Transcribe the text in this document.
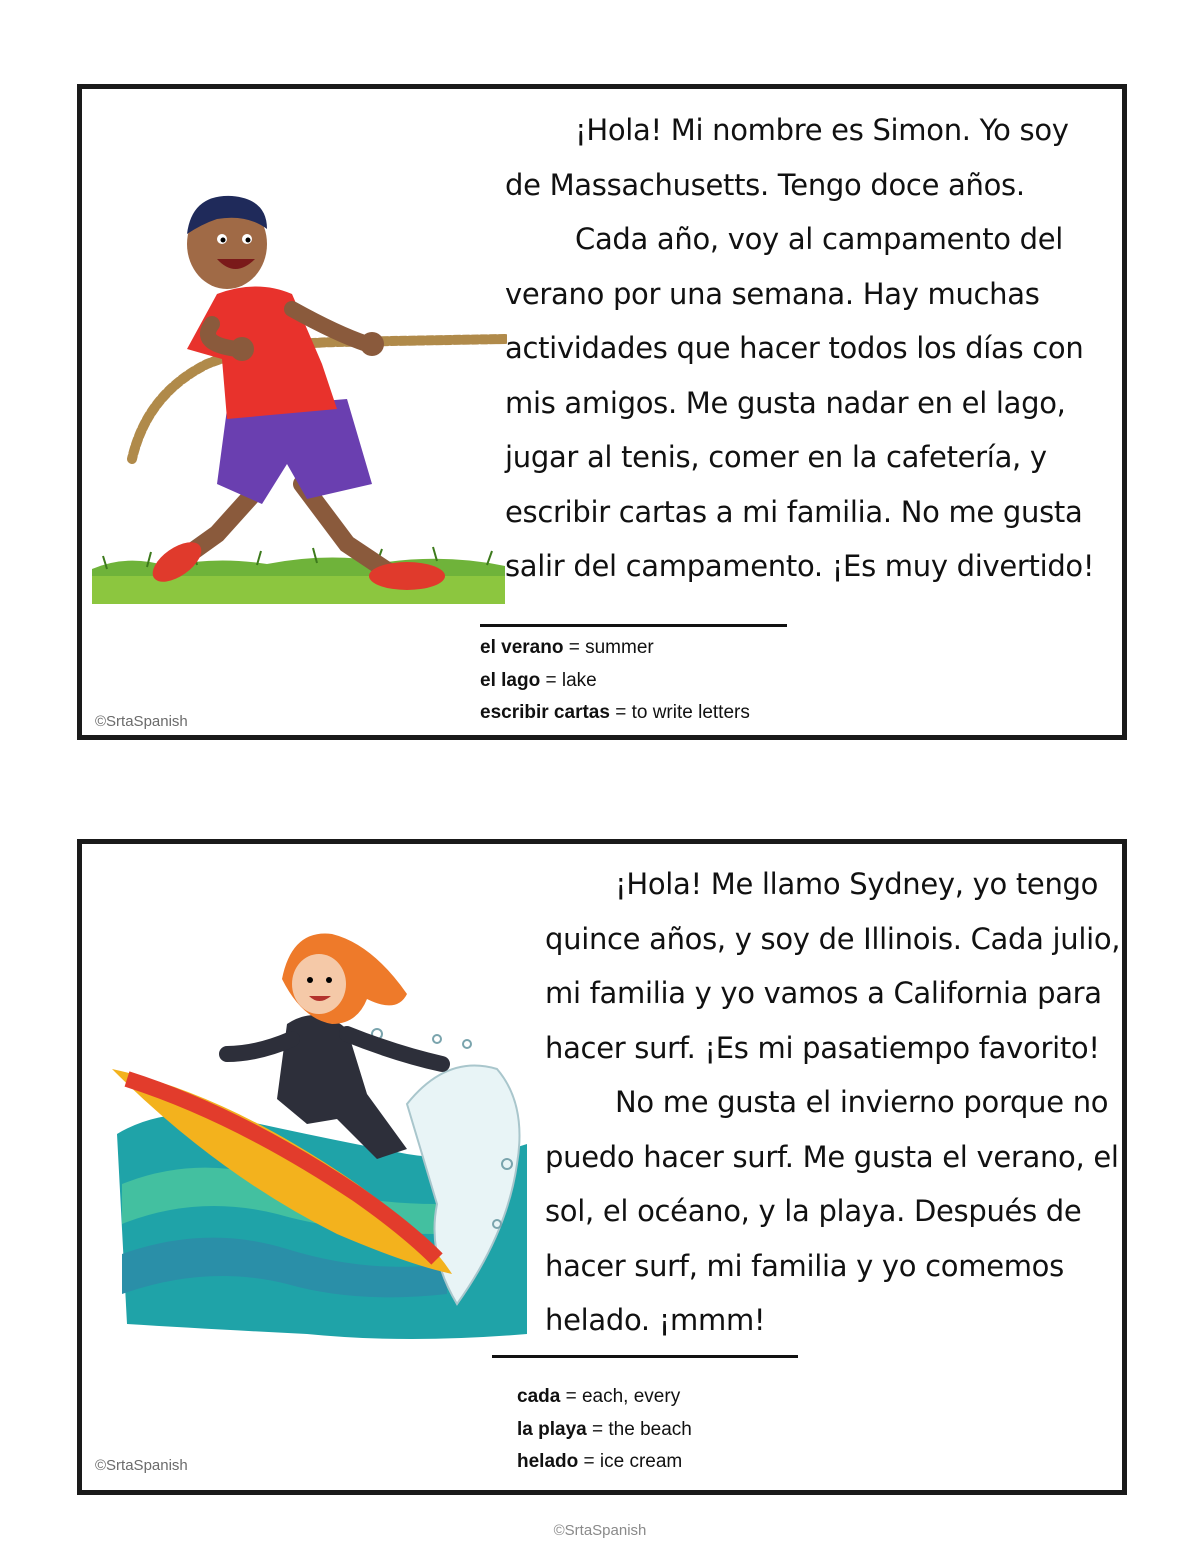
¡Hola! Mi nombre es Simon. Yo soy de Massachusetts. Tengo doce años.

Cada año, voy al campamento del verano por una semana. Hay muchas actividades que hacer todos los días con mis amigos. Me gusta nadar en el lago, jugar al tenis, comer en la cafetería, y escribir cartas a mi familia. No me gusta salir del campamento. ¡Es muy divertido!

el verano = summer
el lago = lake
escribir cartas = to write letters
©SrtaSpanish

¡Hola! Me llamo Sydney, yo tengo quince años, y soy de Illinois. Cada julio, mi familia y yo vamos a California para hacer surf. ¡Es mi pasatiempo favorito!

No me gusta el invierno porque no puedo hacer surf. Me gusta el verano, el sol, el océano, y la playa. Después de hacer surf, mi familia y yo comemos helado. ¡mmm!

cada = each, every
la playa = the beach
helado = ice cream
©SrtaSpanish
©SrtaSpanish
